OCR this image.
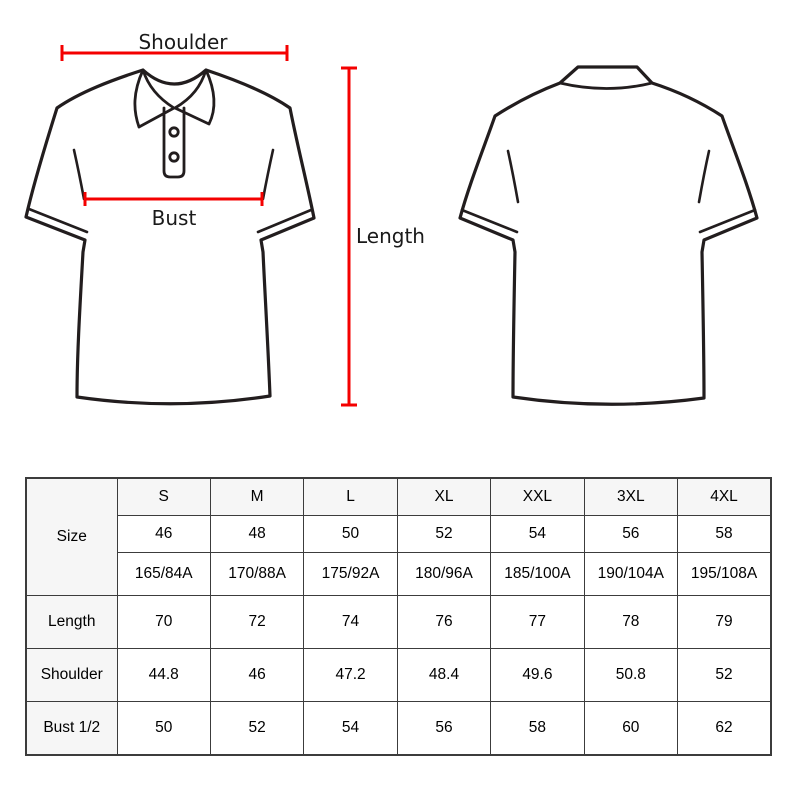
Shoulder
Bust
Length
Size	S	M	L	XL	XXL	3XL	4XL
	46	48	50	52	54	56	58
	165/84A	170/88A	175/92A	180/96A	185/100A	190/104A	195/108A
Length	70	72	74	76	77	78	79
Shoulder	44.8	46	47.2	48.4	49.6	50.8	52
Bust 1/2	50	52	54	56	58	60	62
